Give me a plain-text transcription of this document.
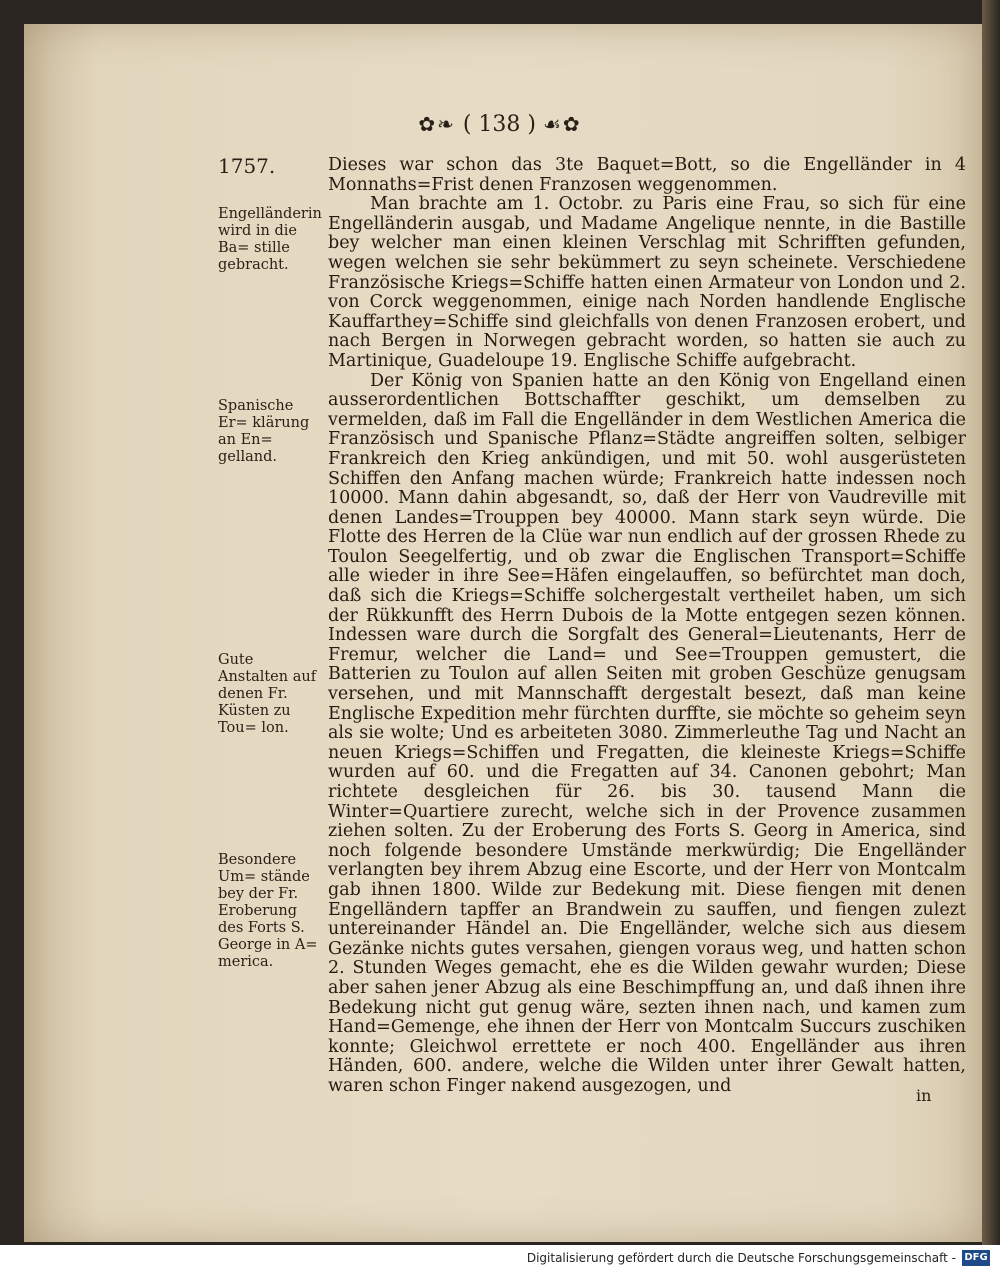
✿❧ ( 138 ) ☙✿
1757.
Engelländerin wird in die Ba= stille gebracht.
Spanische Er= klärung an En= gelland.
Gute Anstalten auf denen Fr. Küsten zu Tou= lon.
Besondere Um= stände bey der Fr. Eroberung des Forts S. George in A= merica.

Dieses war schon das 3te Baquet=Bott, so die Engelländer in 4 Monnaths=Frist denen Franzosen weggenommen.

Man brachte am 1. Octobr. zu Paris eine Frau, so sich für eine Engelländerin ausgab, und Madame Angelique nennte, in die Bastille bey welcher man einen kleinen Verschlag mit Schrifften gefunden, wegen welchen sie sehr bekümmert zu seyn scheinete. Verschiedene Französische Kriegs=Schiffe hatten einen Armateur von London und 2. von Corck weggenommen, einige nach Norden handlende Englische Kauffarthey=Schiffe sind gleichfalls von denen Franzosen erobert, und nach Bergen in Norwegen gebracht worden, so hatten sie auch zu Martinique, Guadeloupe 19. Englische Schiffe aufgebracht.

Der König von Spanien hatte an den König von Engelland einen ausserordentlichen Bottschaffter geschikt, um demselben zu vermelden, daß im Fall die Engelländer in dem Westlichen America die Französisch und Spanische Pflanz=Städte angreiffen solten, selbiger Frankreich den Krieg ankündigen, und mit 50. wohl ausgerüsteten Schiffen den Anfang machen würde; Frankreich hatte indessen noch 10000. Mann dahin abgesandt, so, daß der Herr von Vaudreville mit denen Landes=Trouppen bey 40000. Mann stark seyn würde. Die Flotte des Herren de la Clüe war nun endlich auf der grossen Rhede zu Toulon Seegelfertig, und ob zwar die Englischen Transport=Schiffe alle wieder in ihre See=Häfen eingelauffen, so befürchtet man doch, daß sich die Kriegs=Schiffe solchergestalt vertheilet haben, um sich der Rükkunfft des Herrn Dubois de la Motte entgegen sezen können. Indessen ware durch die Sorgfalt des General=Lieutenants, Herr de Fremur, welcher die Land= und See=Trouppen gemustert, die Batterien zu Toulon auf allen Seiten mit groben Geschüze genugsam versehen, und mit Mannschafft dergestalt besezt, daß man keine Englische Expedition mehr fürchten durffte, sie möchte so geheim seyn als sie wolte; Und es arbeiteten 3080. Zimmerleuthe Tag und Nacht an neuen Kriegs=Schiffen und Fregatten, die kleineste Kriegs=Schiffe wurden auf 60. und die Fregatten auf 34. Canonen gebohrt; Man richtete desgleichen für 26. bis 30. tausend Mann die Winter=Quartiere zurecht, welche sich in der Provence zusammen ziehen solten. Zu der Eroberung des Forts S. Georg in America, sind noch folgende besondere Umstände merkwürdig; Die Engelländer verlangten bey ihrem Abzug eine Escorte, und der Herr von Montcalm gab ihnen 1800. Wilde zur Bedekung mit. Diese fiengen mit denen Engelländern tapffer an Brandwein zu sauffen, und fiengen zulezt untereinander Händel an. Die Engelländer, welche sich aus diesem Gezänke nichts gutes versahen, giengen voraus weg, und hatten schon 2. Stunden Weges gemacht, ehe es die Wilden gewahr wurden; Diese aber sahen jener Abzug als eine Beschimpffung an, und daß ihnen ihre Bedekung nicht gut genug wäre, sezten ihnen nach, und kamen zum Hand=Gemenge, ehe ihnen der Herr von Montcalm Succurs zuschiken konnte; Gleichwol errettete er noch 400. Engelländer aus ihren Händen, 600. andere, welche die Wilden unter ihrer Gewalt hatten, waren schon Finger nakend ausgezogen, und	in
Digitalisierung gefördert durch die Deutsche Forschungsgemeinschaft - DFG
